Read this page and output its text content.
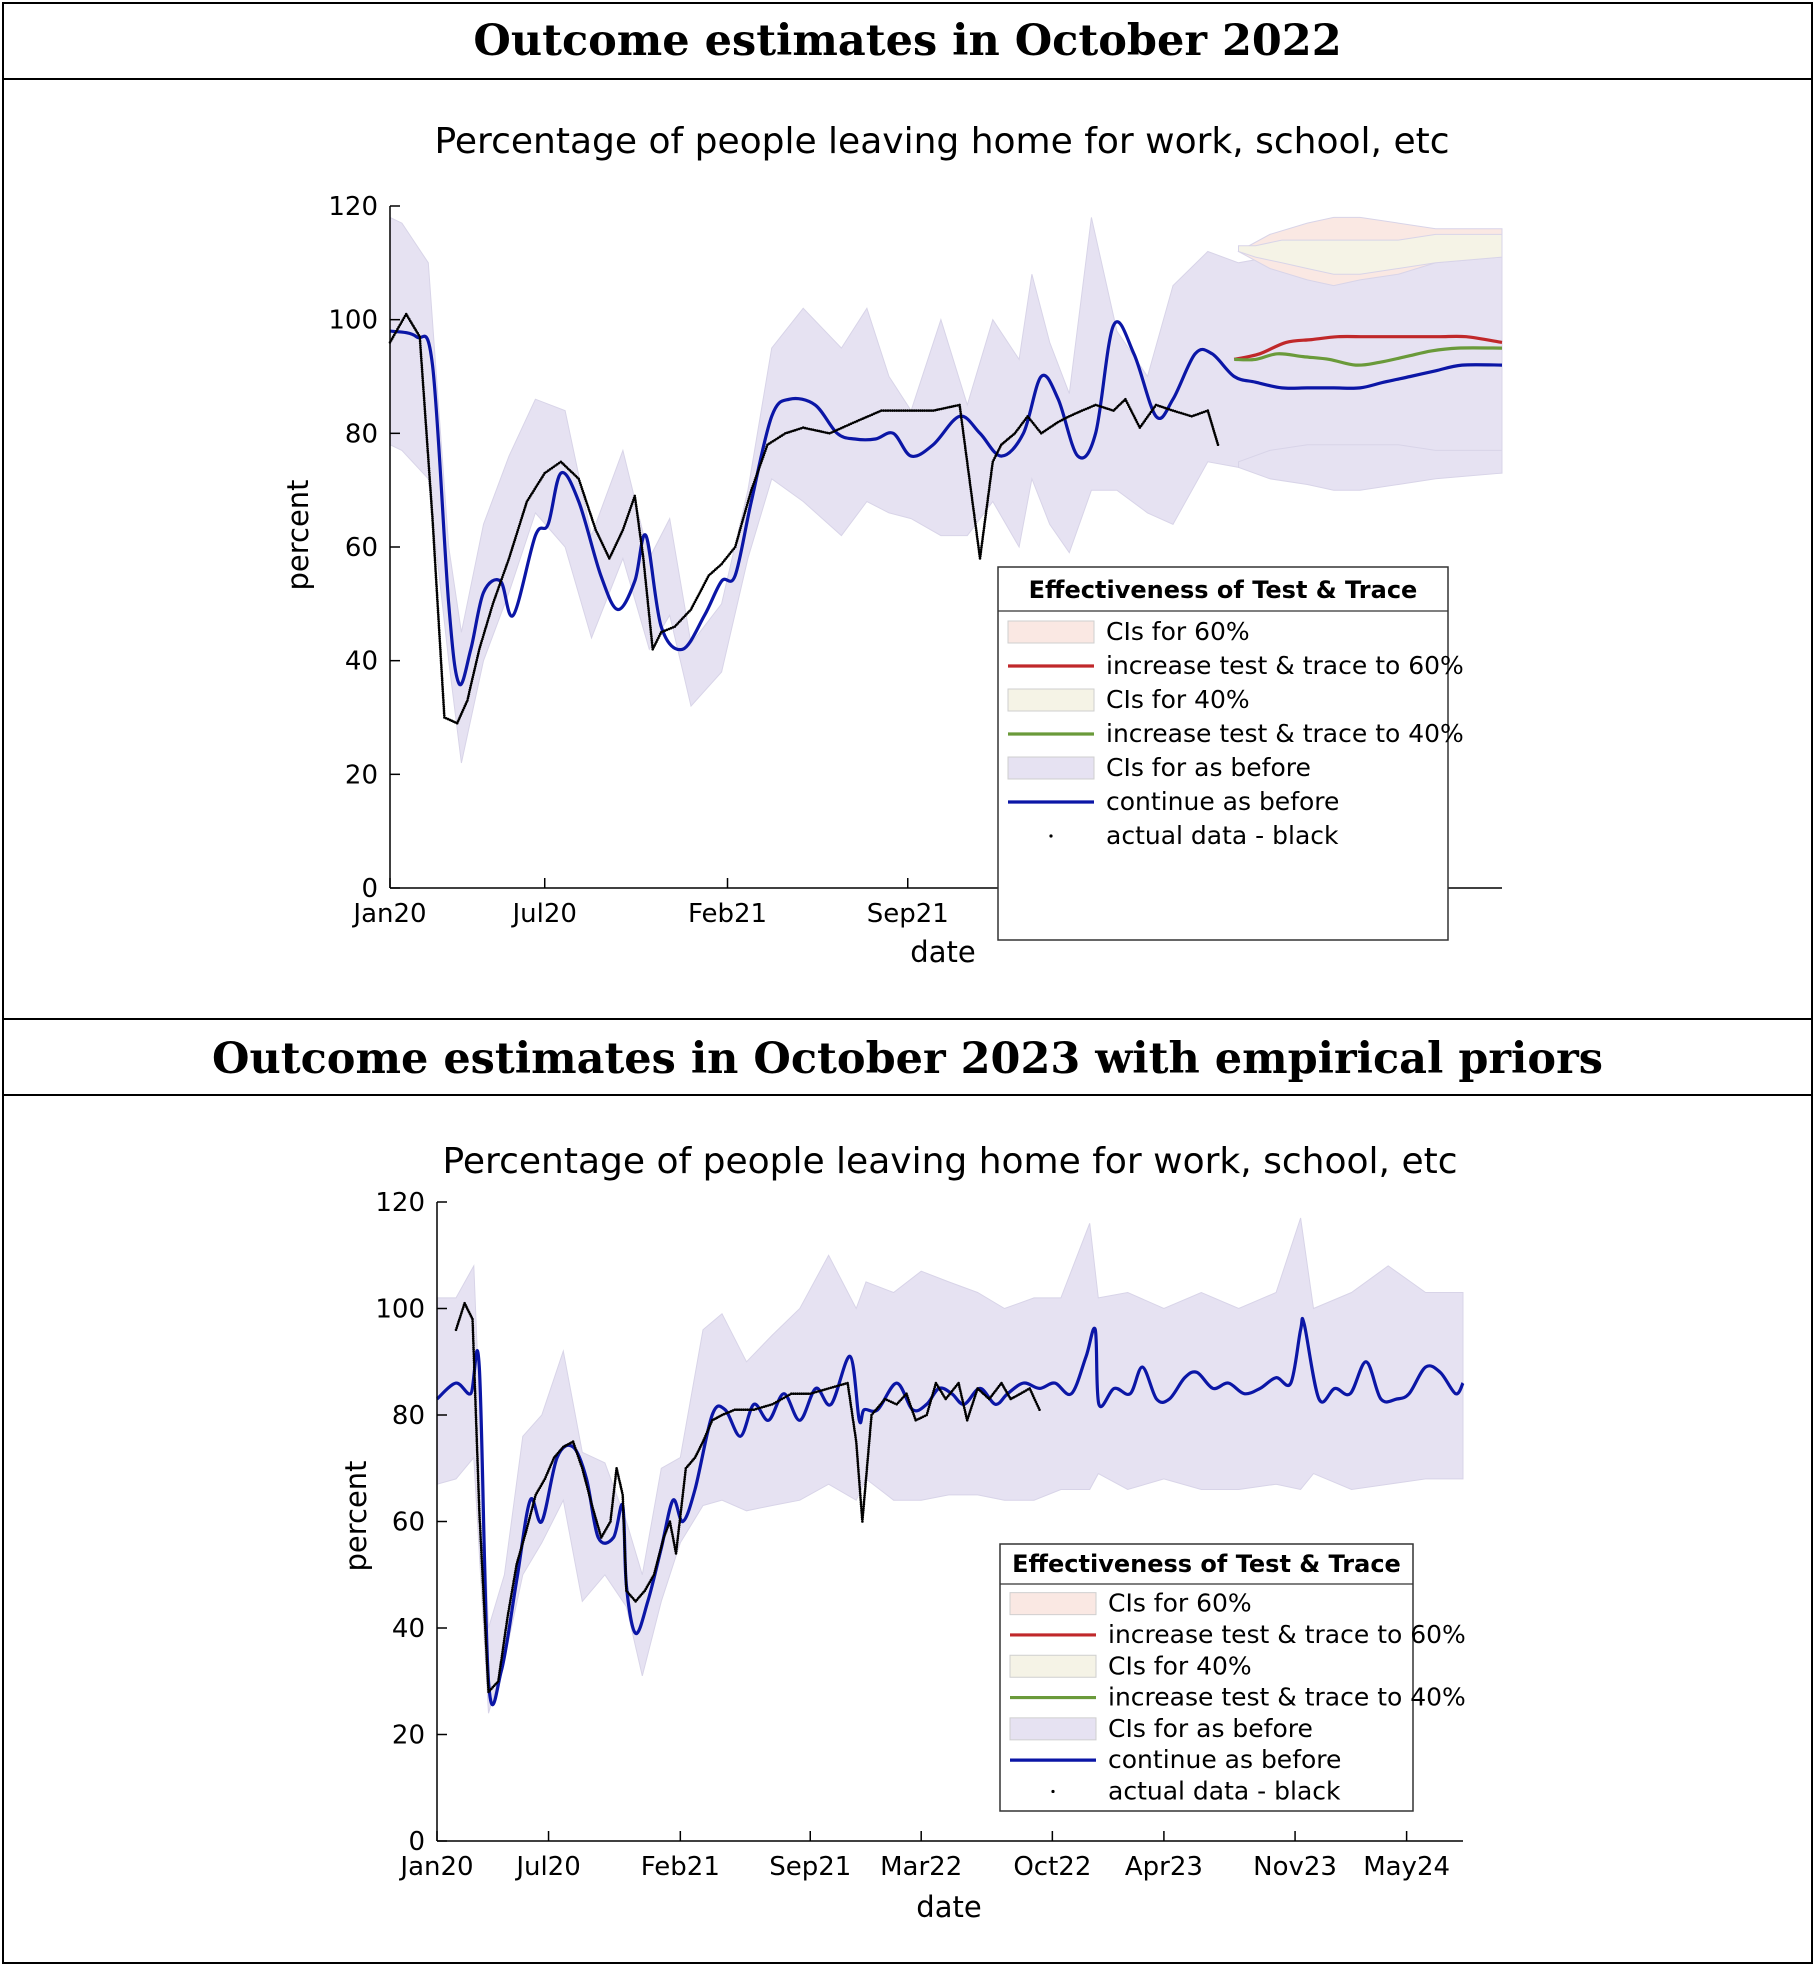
Outcome estimates in October 2022
Outcome estimates in October 2023 with empirical priors
Percentage of people leaving home for work, school, etc
0
20
40
60
80
100
120
Jan20	Jul20	Feb21	Sep21
date
percent	Effectiveness of Test & Trace
CIs for 60%
increase test & trace to 60%
CIs for 40%
increase test & trace to 40%
CIs for as before
continue as before
actual data - black
Percentage of people leaving home for work, school, etc
0
20
40
60
80
100
120
Jan20 Jul20 Feb21 Sep21 Mar22 Oct22 Apr23 Nov23 May24
date
percent	Effectiveness of Test & Trace
CIs for 60%
increase test & trace to 60%
CIs for 40%
increase test & trace to 40%
CIs for as before
continue as before
actual data - black
